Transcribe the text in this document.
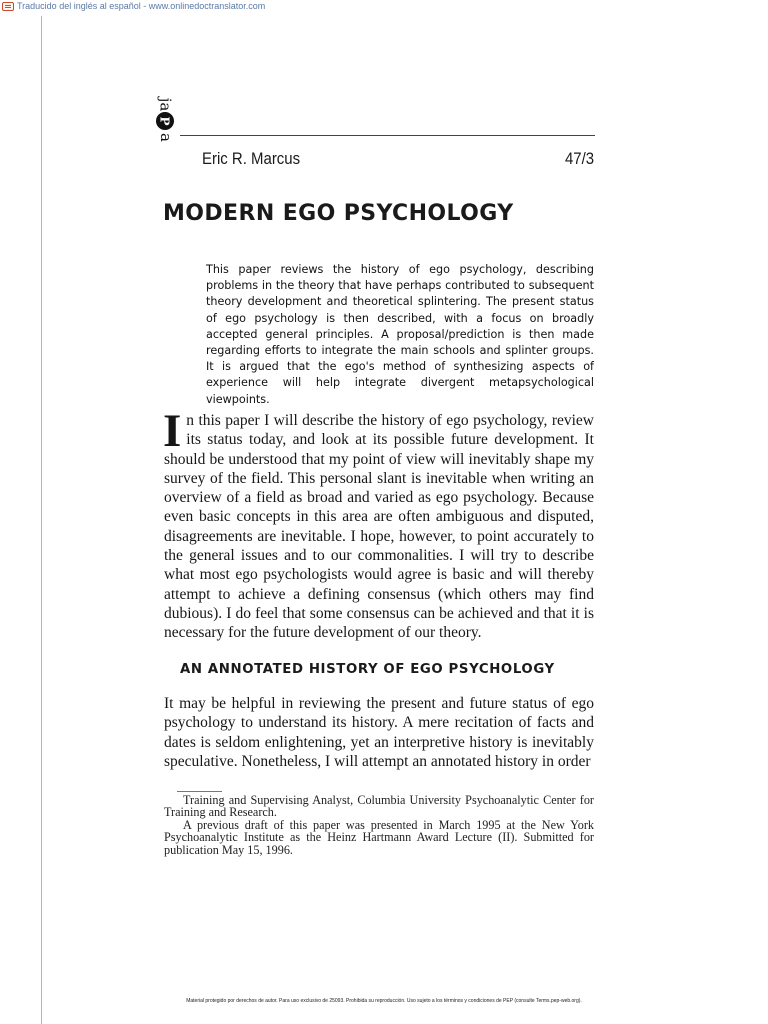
Traducido del inglés al español - www.onlinedoctranslator.com
ja
P
a
Eric R. Marcus	47/3
MODERN EGO PSYCHOLOGY
This paper reviews the history of ego psychology, describing problems in the theory that have perhaps contributed to subsequent theory development and theoretical splintering. The present status of ego psychology is then described, with a focus on broadly accepted general principles. A proposal/prediction is then made regarding efforts to integrate the main schools and splinter groups. It is argued that the ego's method of synthesizing aspects of experience will help integrate divergent metapsychological viewpoints.
I n this paper I will describe the history of ego psychology, review its status today, and look at its possible future development. It should be understood that my point of view will inevitably shape my survey of the field. This personal slant is inevitable when writing an overview of a field as broad and varied as ego psychology. Because even basic concepts in this area are often ambiguous and disputed, disagreements are inevitable. I hope, however, to point accurately to the general issues and to our commonalities. I will try to describe what most ego psychologists would agree is basic and will thereby attempt to achieve a defining consensus (which others may find dubious). I do feel that some consensus can be achieved and that it is necessary for the future development of our theory.
AN ANNOTATED HISTORY OF EGO PSYCHOLOGY
It may be helpful in reviewing the present and future status of ego psychology to understand its history. A mere recitation of facts and dates is seldom enlightening, yet an interpretive history is inevitably speculative. Nonetheless, I will attempt an annotated history in order

Training and Supervising Analyst, Columbia University Psychoanalytic Center for Training and Research.

A previous draft of this paper was presented in March 1995 at the New York Psychoanalytic Institute as the Heinz Hartmann Award Lecture (II). Submitted for publication May 15, 1996.

Material protegido por derechos de autor. Para uso exclusivo de 25093. Prohibida su reproducción. Uso sujeto a los términos y condiciones de PEP (consulte Terms.pep-web.org).
